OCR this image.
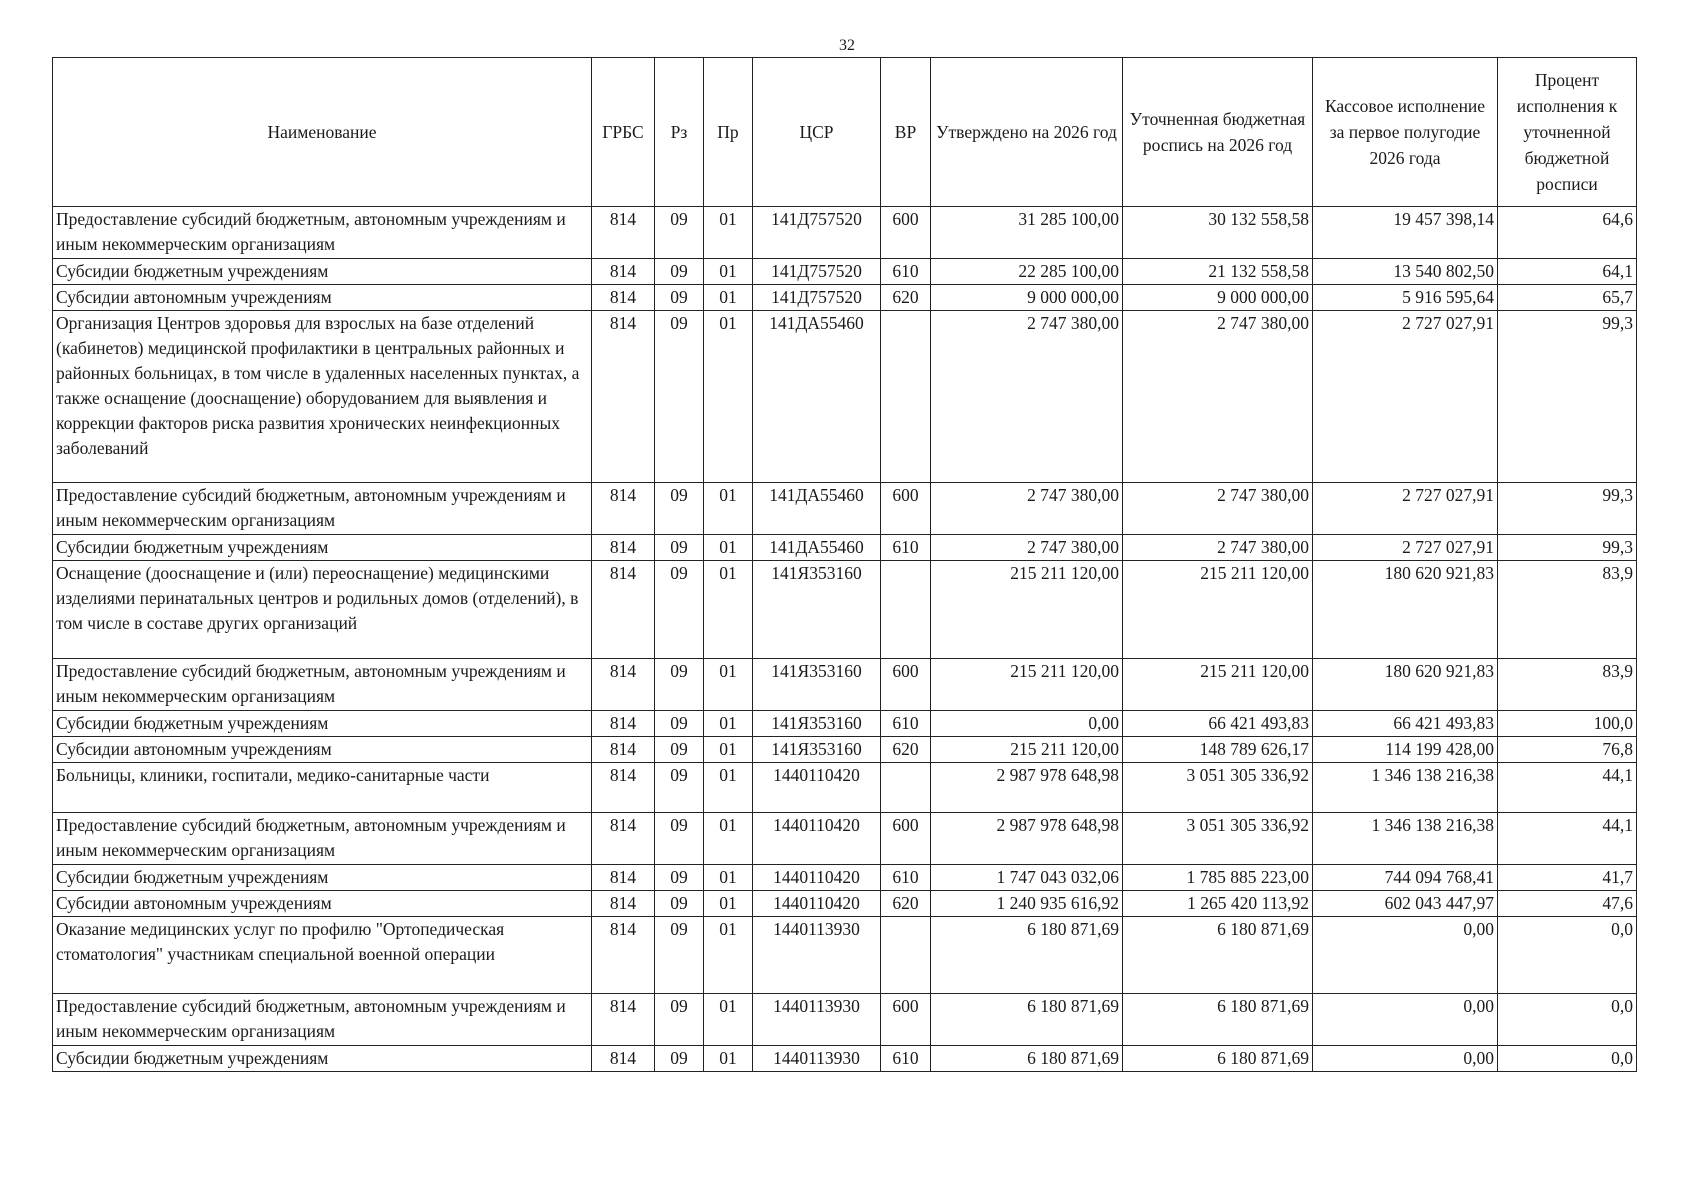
32
Наименование	ГРБС	Рз	Пр	ЦСР	ВР	Утверждено на 2026 год	Уточненная бюджетная роспись на 2026 год	Кассовое исполнение за первое полугодие 2026 года	Процент исполнения к уточненной бюджетной росписи
Предоставление субсидий бюджетным, автономным учреждениям и иным некоммерческим организациям	814	09	01	141Д757520	600	31 285 100,00	30 132 558,58	19 457 398,14	64,6
Субсидии бюджетным учреждениям	814	09	01	141Д757520	610	22 285 100,00	21 132 558,58	13 540 802,50	64,1
Субсидии автономным учреждениям	814	09	01	141Д757520	620	9 000 000,00	9 000 000,00	5 916 595,64	65,7
Организация Центров здоровья для взрослых на базе отделений (кабинетов) медицинской профилактики в центральных районных и районных больницах, в том числе в удаленных населенных пунктах, а также оснащение (дооснащение) оборудованием для выявления и коррекции факторов риска развития хронических неинфекционных заболеваний	814	09	01	141ДА55460		2 747 380,00	2 747 380,00	2 727 027,91	99,3
Предоставление субсидий бюджетным, автономным учреждениям и иным некоммерческим организациям	814	09	01	141ДА55460	600	2 747 380,00	2 747 380,00	2 727 027,91	99,3
Субсидии бюджетным учреждениям	814	09	01	141ДА55460	610	2 747 380,00	2 747 380,00	2 727 027,91	99,3
Оснащение (дооснащение и (или) переоснащение) медицинскими изделиями перинатальных центров и родильных домов (отделений), в том числе в составе других организаций	814	09	01	141Я353160		215 211 120,00	215 211 120,00	180 620 921,83	83,9
Предоставление субсидий бюджетным, автономным учреждениям и иным некоммерческим организациям	814	09	01	141Я353160	600	215 211 120,00	215 211 120,00	180 620 921,83	83,9
Субсидии бюджетным учреждениям	814	09	01	141Я353160	610	0,00	66 421 493,83	66 421 493,83	100,0
Субсидии автономным учреждениям	814	09	01	141Я353160	620	215 211 120,00	148 789 626,17	114 199 428,00	76,8
Больницы, клиники, госпитали, медико-санитарные части	814	09	01	1440110420		2 987 978 648,98	3 051 305 336,92	1 346 138 216,38	44,1
Предоставление субсидий бюджетным, автономным учреждениям и иным некоммерческим организациям	814	09	01	1440110420	600	2 987 978 648,98	3 051 305 336,92	1 346 138 216,38	44,1
Субсидии бюджетным учреждениям	814	09	01	1440110420	610	1 747 043 032,06	1 785 885 223,00	744 094 768,41	41,7
Субсидии автономным учреждениям	814	09	01	1440110420	620	1 240 935 616,92	1 265 420 113,92	602 043 447,97	47,6
Оказание медицинских услуг по профилю "Ортопедическая стоматология" участникам специальной военной операции	814	09	01	1440113930		6 180 871,69	6 180 871,69	0,00	0,0
Предоставление субсидий бюджетным, автономным учреждениям и иным некоммерческим организациям	814	09	01	1440113930	600	6 180 871,69	6 180 871,69	0,00	0,0
Субсидии бюджетным учреждениям	814	09	01	1440113930	610	6 180 871,69	6 180 871,69	0,00	0,0
